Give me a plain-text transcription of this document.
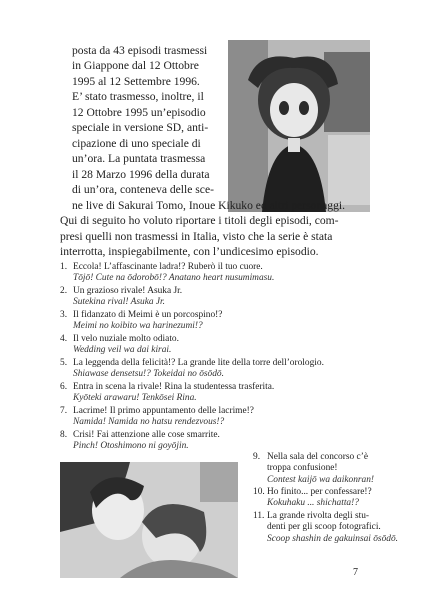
posta da 43 episodi trasmessi
in Giappone dal 12 Ottobre
1995 al 12 Settembre 1996.
E’ stato trasmesso, inoltre, il
12 Ottobre 1995 un’episodio
speciale in versione SD, anti-
cipazione di uno speciale di
un’ora. La puntata trasmessa
il 28 Marzo 1996 della durata
di un’ora, conteneva delle sce-
ne live di Sakurai Tomo, Inoue Kikuko ed altri personaggi.
Qui di seguito ho voluto riportare i titoli degli episodi, com-
presi quelli non trasmessi in Italia, visto che la serie è stata
interrotta, inspiegabilmente, con l’undicesimo episodio.
1. Eccola! L’affascinante ladra!? Ruberò il tuo cuore.
Tōjō! Cute na ōdorobō!? Anatano heart nusumimasu.
2. Un grazioso rivale! Asuka Jr.
Sutekina rival! Asuka Jr.
3. Il fidanzato di Meimi è un porcospino!?
Meimi no koibito wa harinezumi!?
4. Il velo nuziale molto odiato.
Wedding veil wa dai kirai.
5. La leggenda della felicità!? La grande lite della torre dell’orologio.
Shiawase densetsu!? Tokeidai no ōsōdō.
6. Entra in scena la rivale! Rina la studentessa trasferita.
Kyōteki arawaru! Tenkōsei Rina.
7. Lacrime! Il primo appuntamento delle lacrime!?
Namida! Namida no hatsu rendezvous!?
8. Crisi! Fai attenzione alle cose smarrite.
Pinch! Otoshimono ni goyōjin.
9. Nella sala del concorso c’è
troppa confusione!
Contest kaijō wa daikonran!
10. Ho finito... per confessare!?
Kokuhaku ... shichatta!?
11. La grande rivolta degli stu-
denti per gli scoop fotografici.
Scoop shashin de gakuinsai ōsōdō.
7
